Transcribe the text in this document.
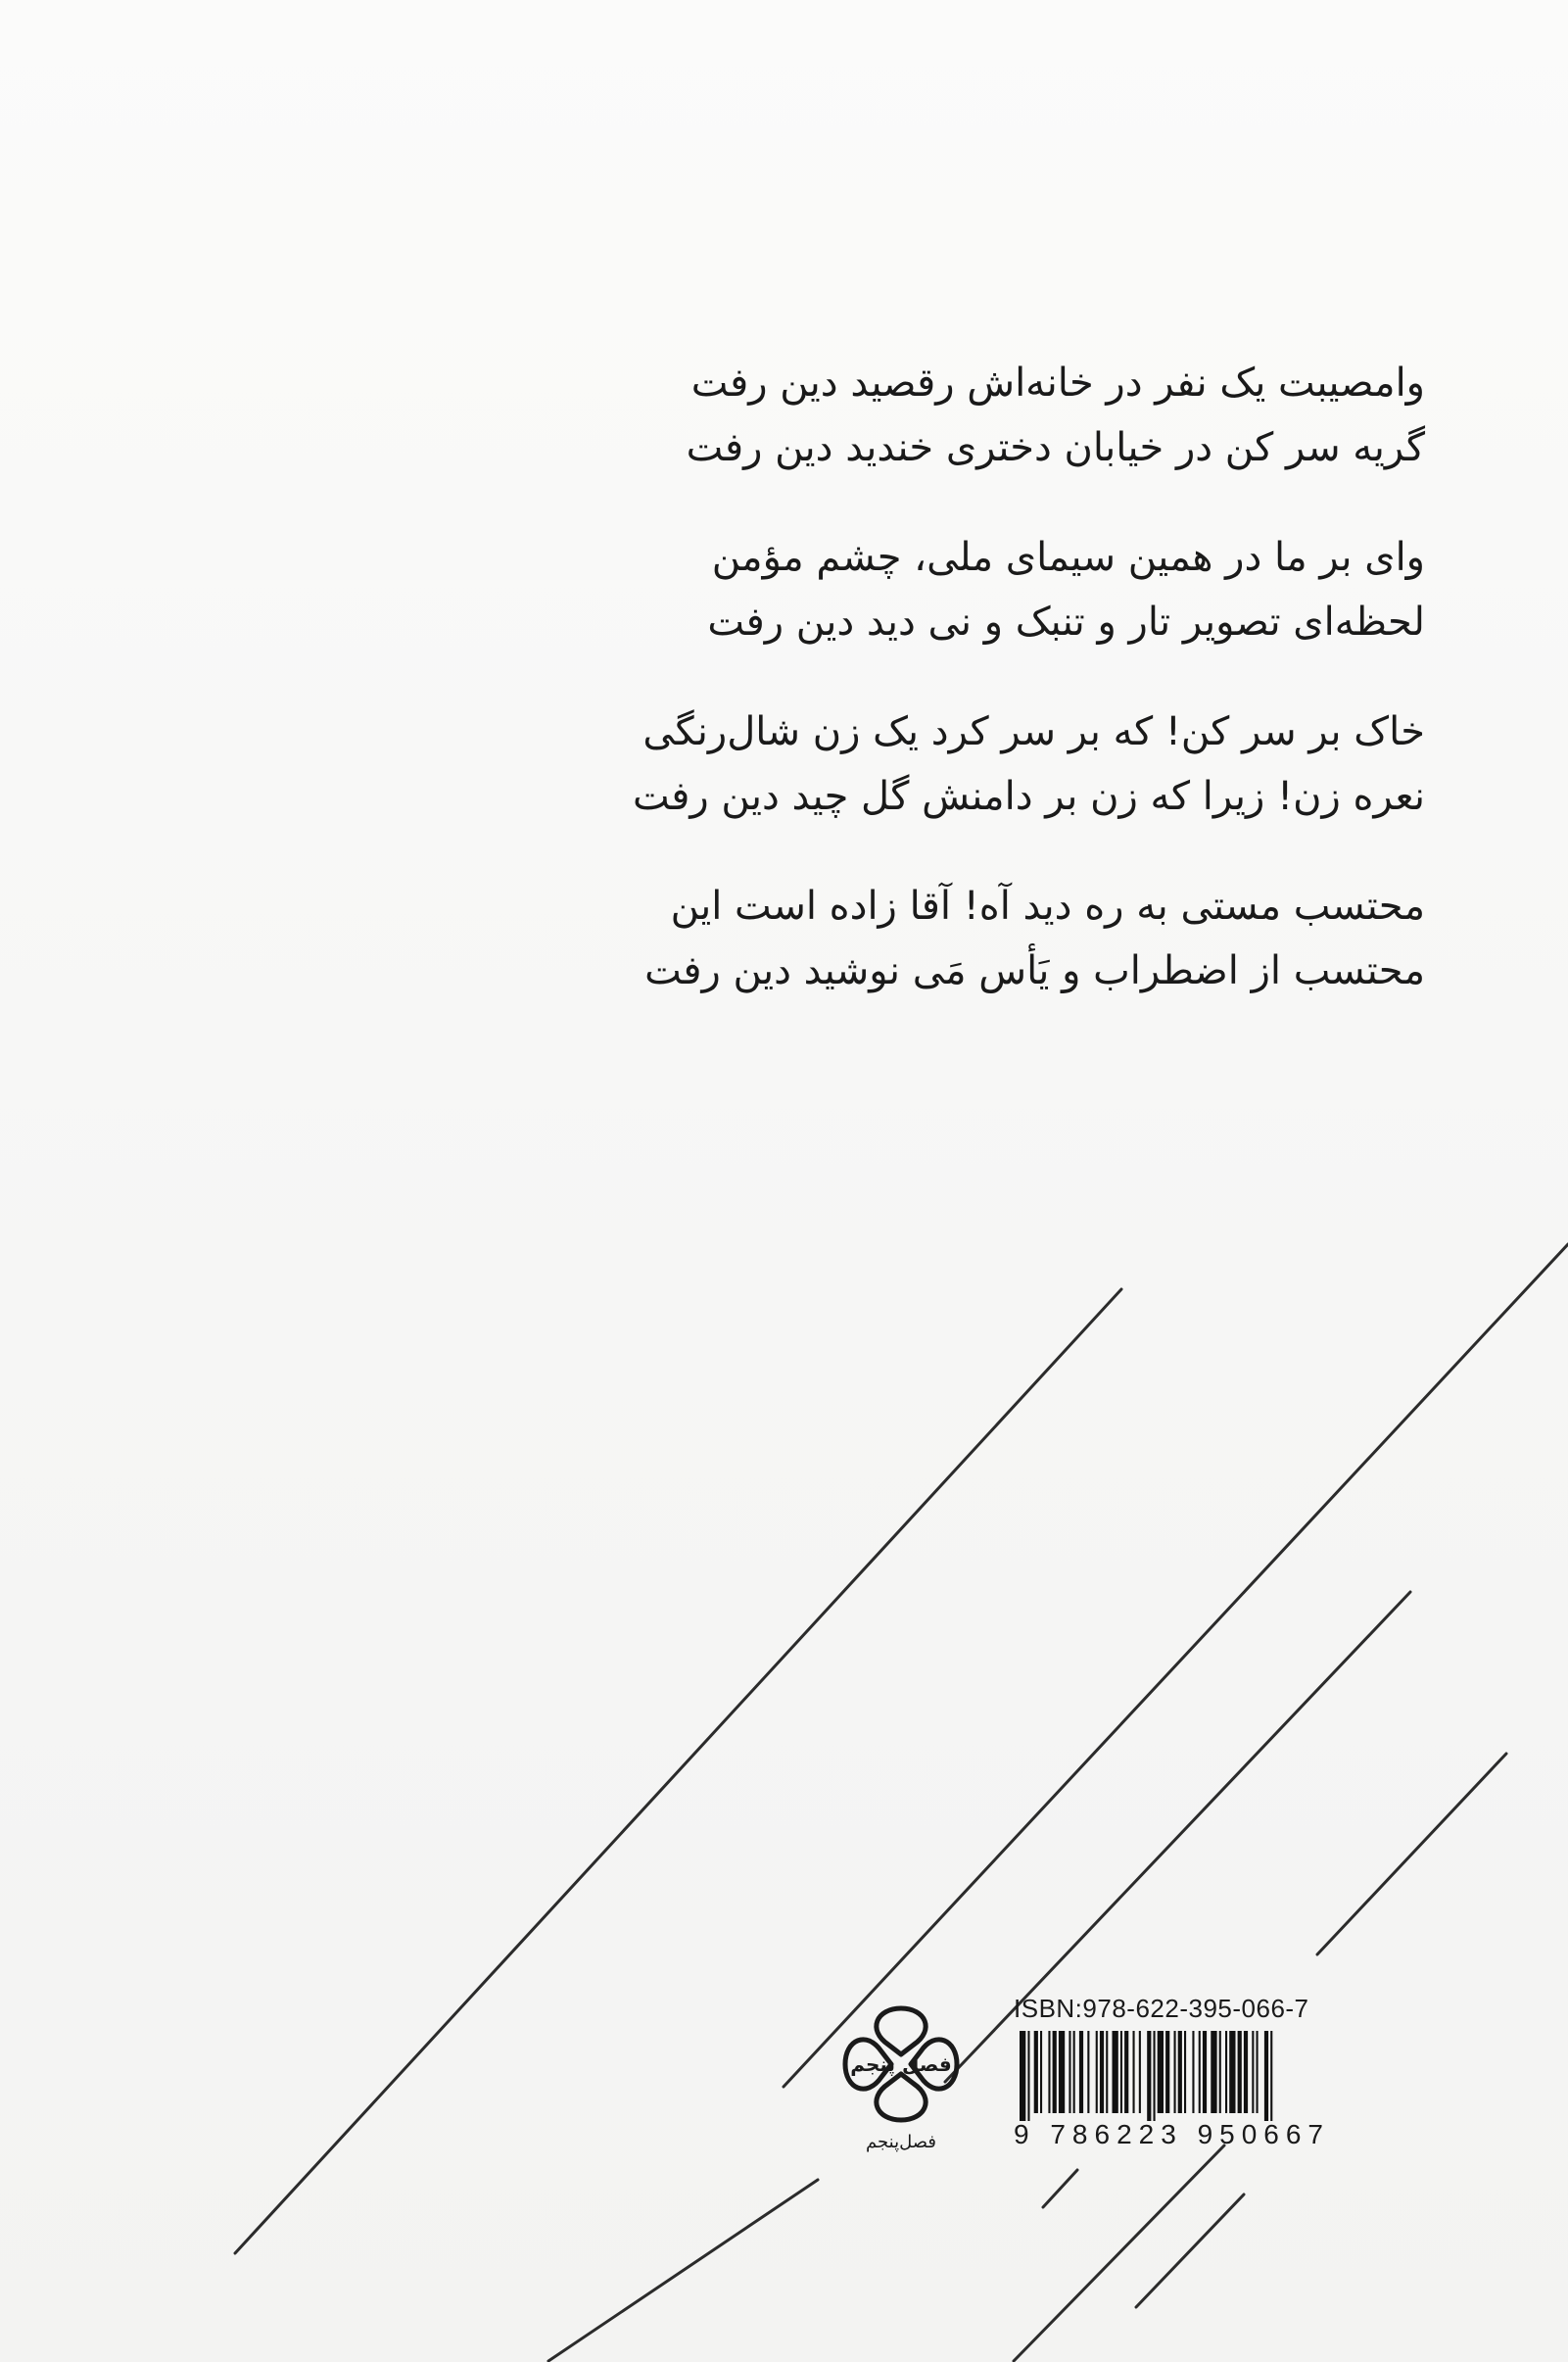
وامصیبت یک نفر در خانه‌اش رقصید دین رفت
گریه سر کن در خیابان دختری خندید دین رفت
وای بر ما در همین سیمای ملی، چشم مؤمن
لحظه‌ای تصویر تار و تنبک و نی دید دین رفت
خاک بر سر کن! که بر سر کرد یک زن شال‌رنگی
نعره زن! زیرا که زن بر دامنش گل چید دین رفت
محتسب مستی به ره دید آه! آقا زاده است این
محتسب از اضطراب و یَأس مَی نوشید دین رفت
فصل پنجم
فصل‌پنجم
ISBN:978-622-395-066-7
9 786223 950667
